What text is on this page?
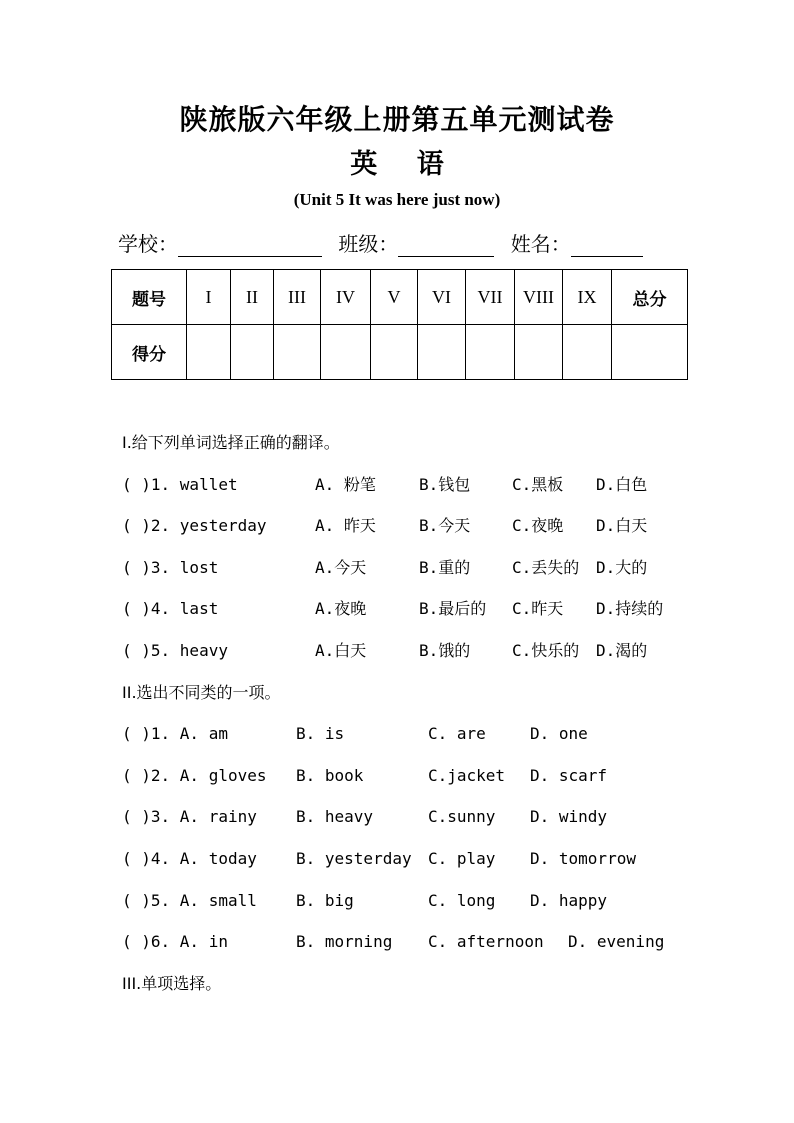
陕旅版六年级上册第五单元测试卷
英 语
(Unit 5 It was here just now)
学校：	班级：	姓名：
题号	I	II	III	IV	V	VI	VII	VIII	IX	总分
得分										
I.给下列单词选择正确的翻译。
( )1. wallet	A. 粉笔	B.钱包	C.黑板 D.白色
( )2. yesterday	A. 昨天	B.今天	C.夜晚 D.白天
( )3. lost	A.今天	B.重的	C.丢失的 D.大的
( )4. last	A.夜晚	B.最后的 C.昨天 D.持续的
( )5. heavy	A.白天	B.饿的	C.快乐的 D.渴的
II.选出不同类的一项。
( )1. A. am	B. is	C. are	D. one
( )2. A. gloves B. book	C.jacket D. scarf
( )3. A. rainy B. heavy	C.sunny D. windy
( )4. A. today B. yesterday C. play D. tomorrow
( )5. A. small B. big	C. long D. happy
( )6. A. in	B. morning C. afternoon D. evening
III.单项选择。
